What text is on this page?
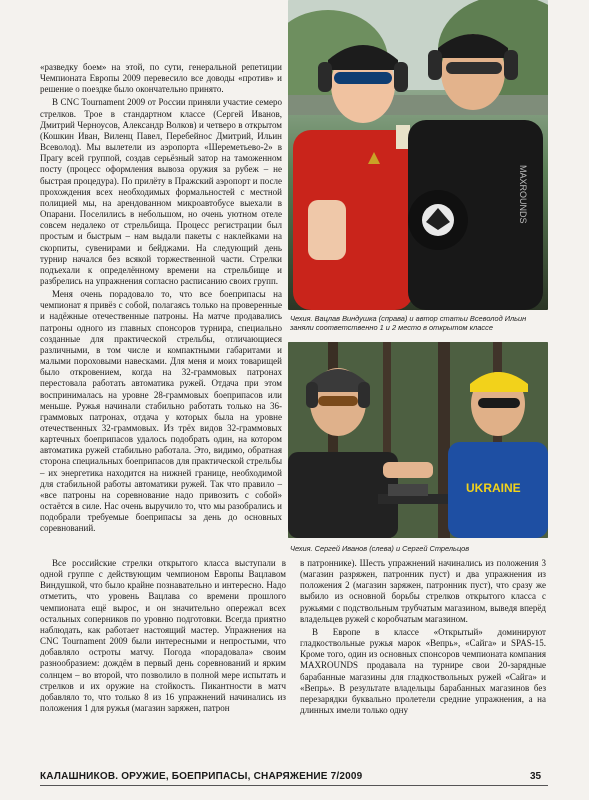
«разведку боем» на этой, по сути, генеральной репетиции Чемпионата Европы 2009 перевесило все доводы «против» и решение о поездке было окончательно принято.

В CNC Tournament 2009 от России приняли участие семеро стрелков. Трое в стандартном классе (Сергей Иванов, Дмитрий Черноусов, Александр Волков) и четверо в открытом (Кошкин Иван, Виленц Павел, Перебейнос Дмитрий, Ильин Всеволод). Мы вылетели из аэропорта «Шереметьево-2» в Прагу всей группой, создав серьёзный затор на таможенном посту (процесс оформления вывоза оружия за рубеж – не быстрая процедура). По прилёту в Пражский аэропорт и после прохождения всех необходимых формальностей с местной полицией мы, на арендованном микроавтобусе выехали в Опарани. Поселились в небольшом, но очень уютном отеле совсем недалеко от стрельбища. Процесс регистрации был простым и быстрым – нам выдали пакеты с наклейками на скорпиты, сувенирами и бейджами. На следующий день турнир начался без всякой торжественной части. Стрелки подъехали к определённому времени на стрельбище и разбрелись на упражнения согласно расписанию своих групп.

Меня очень порадовало то, что все боеприпасы на чемпионат я привёз с собой, полагаясь только на проверенные и надёжные отечественные патроны. На матче продавались патроны одного из главных спонсоров турнира, специально созданные для практической стрельбы, отличающиеся различными, в том числе и компактными габаритами и малыми пороховыми навесками. Для меня и моих товарищей было откровением, когда на 32-граммовых патронах перестовала работать автоматика ружей. Отдача при этом воспринималась на уровне 28-граммовых боеприпасов или меньше. Ружья начинали стабильно работать только на 36-граммовых патронах, отдача у которых была на уровне отечественных 32-граммовых. Из трёх видов 32-граммовых картечных боеприпасов удалось подобрать один, на котором автоматика ружей стабильно работала. Это, видимо, обратная сторона специальных боеприпасов для практической стрельбы – их энергетика находится на нижней границе, необходимой для стабильной работы автоматики ружей. Так что правило – «все патроны на соревнование надо привозить с собой» остаётся в силе. Нас очень выручило то, что мы разобрались и подобрали требуемые боеприпасы за день до основных соревнований.

MAXROUNDS
Чехия. Вацлав Виндушка (справа) и автор статьи Всеволод Ильин заняли соответственно 1 и 2 место в открытом классе
UKRAINE
Чехия. Сергей Иванов (слева) и Сергей Стрельцов

Все российские стрелки открытого класса выступали в одной группе с действующим чемпионом Европы Вацлавом Виндушкой, что было крайне познавательно и интересно. Надо отметить, что уровень Вацлава со времени прошлого чемпионата ещё вырос, и он значительно опережал всех остальных соперников по уровню подготовки. Всегда приятно наблюдать, как работает настоящий мастер. Упражнения на CNC Tournament 2009 были интересными и непростыми, что добавляло остроты матчу. Погода «порадовала» своим разнообразием: дождём в первый день соревнований и ярким солнцем – во второй, что позволило в полной мере испытать и стрелков и их оружие на стойкость. Пикантности в матч добавляло то, что только 8 из 16 упражнений начинались из положения 1 для ружья (магазин заряжен, патрон

в патроннике). Шесть упражнений начинались из положения 3 (магазин разряжен, патронник пуст) и два упражнения из положения 2 (магазин заряжен, патронник пуст), что сразу же выбило из основной борьбы стрелков открытого класса с ружьями с подствольным трубчатым магазином, выведя вперёд владельцев ружей с коробчатым магазином.

В Европе в классе «Открытый» доминируют гладкоствольные ружья марок «Вепрь», «Сайга» и SPAS-15. Кроме того, один из основных спонсоров чемпионата компания MAXROUNDS продавала на турнире свои 20-зарядные барабанные магазины для гладкоствольных ружей «Сайга» и «Вепрь». В результате владельцы барабанных магазинов без перезарядки буквально пролетели средние упражнения, а на длинных имели только одну

КАЛАШНИКОВ. ОРУЖИЕ, БОЕПРИПАСЫ, СНАРЯЖЕНИЕ 7/2009	35
